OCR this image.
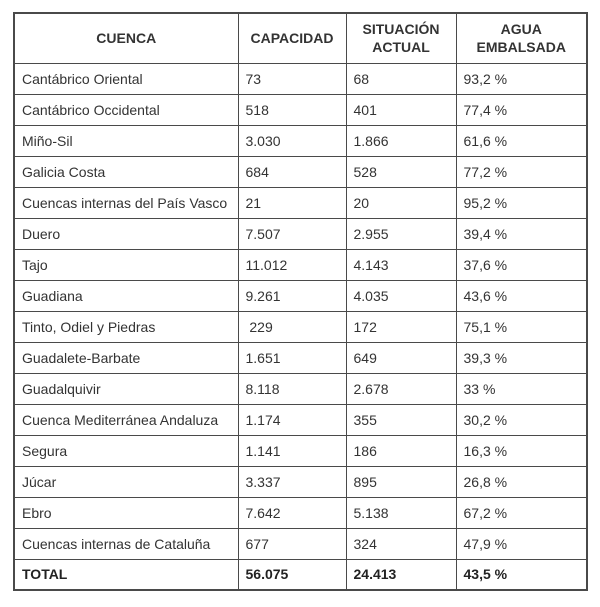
CUENCA	CAPACIDAD	SITUACIÓN ACTUAL	AGUA EMBALSADA
Cantábrico Oriental	73	68	93,2 %
Cantábrico Occidental	518	401	77,4 %
Miño-Sil	3.030	1.866	61,6 %
Galicia Costa	684	528	77,2 %
Cuencas internas del País Vasco	21	20	95,2 %
Duero	7.507	2.955	39,4 %
Tajo	11.012	4.143	37,6 %
Guadiana	9.261	4.035	43,6 %
Tinto, Odiel y Piedras	229	172	75,1 %
Guadalete-Barbate	1.651	649	39,3 %
Guadalquivir	8.118	2.678	33 %
Cuenca Mediterránea Andaluza	1.174	355	30,2 %
Segura	1.141	186	16,3 %
Júcar	3.337	895	26,8 %
Ebro	7.642	5.138	67,2 %
Cuencas internas de Cataluña	677	324	47,9 %
TOTAL	56.075	24.413	43,5 %
